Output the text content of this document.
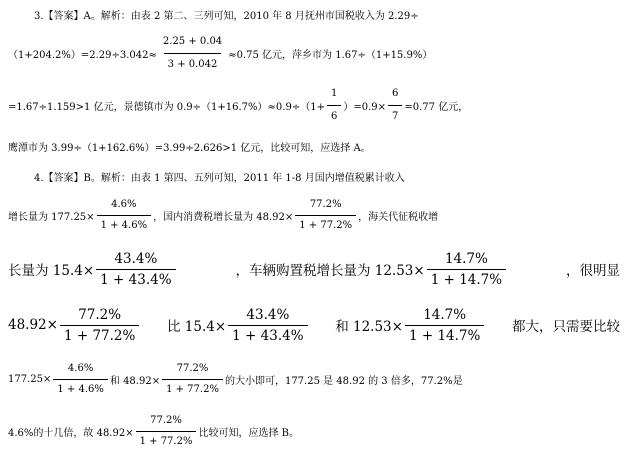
3.【答案】A。解析：由表 2 第二、三列可知，2010 年 8 月抚州市国税收入为 2.29÷
$(1+204.2\%)=2.29\div 3.042\approx \frac{2.25 + 0.04}{3 + 0.042} \approx 0.75$ 亿元，萍乡市为 1.67÷（1+15.9%）
=1.67÷1.159>1 亿元，景德镇市为 $0.9\div(1+16.7\%)\approx 0.9\div(1+ \frac{1}{6} )=0.9\times \frac{6}{7} =0.77$ 亿元，
鹰潭市为 3.99÷（1+162.6%）=3.99÷2.626>1 亿元，比较可知，应选择 A。
4.【答案】B。解析：由表 1 第四、五列可知，2011 年 1-8 月国内增值税累计收入
增长量为 $177.25\times \frac{4.6\%}{1 + 4.6\%}$ ，国内消费税增长量为 $48.92\times \frac{77.2\%}{1 + 77.2\%}$ ，海关代征税收增
长量为 $15.4\times \frac{43.4\%}{1 + 43.4\%}$	，车辆购置税增长量为 $12.53\times \frac{14.7\%}{1 + 14.7\%}$	，很明显
$48.92\times \frac{77.2\%}{1 + 77.2\%}$ 比 $15.4\times \frac{43.4\%}{1 + 43.4\%}$ 和 $12.53\times \frac{14.7\%}{1 + 14.7\%}$ 都大，只需要比较
$177.25\times \frac{4.6\%}{1 + 4.6\%}$ 和 $48.92\times \frac{77.2\%}{1 + 77.2\%}$ 的大小即可，177.25 是 48.92 的 3 倍多，77.2%是
4.6%的十几倍，故 $48.92\times \frac{77.2\%}{1 + 77.2\%}$ 比较可知，应选择 B。
